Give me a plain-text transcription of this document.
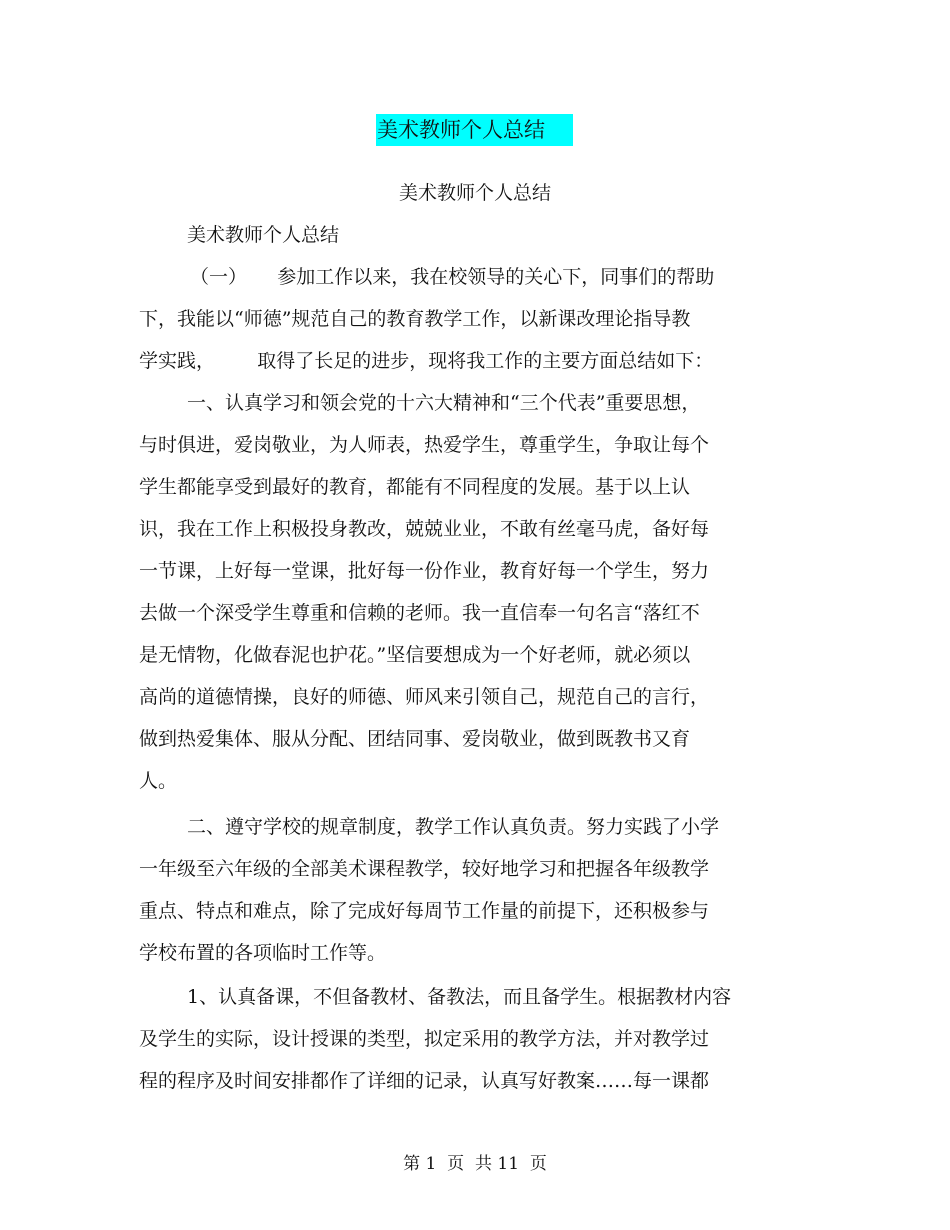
美术教师个人总结
美术教师个人总结
美术教师个人总结
（一）     参加工作以来，我在校领导的关心下，同事们的帮助
下，我能以“师德”规范自己的教育教学工作，以新课改理论指导教
学实践，       取得了长足的进步，现将我工作的主要方面总结如下：
一、认真学习和领会党的十六大精神和“三个代表”重要思想，
与时俱进，爱岗敬业，为人师表，热爱学生，尊重学生，争取让每个
学生都能享受到最好的教育，都能有不同程度的发展。基于以上认
识，我在工作上积极投身教改，兢兢业业，不敢有丝毫马虎，备好每
一节课，上好每一堂课，批好每一份作业，教育好每一个学生，努力
去做一个深受学生尊重和信赖的老师。我一直信奉一句名言“落红不
是无情物，化做春泥也护花。”坚信要想成为一个好老师，就必须以
高尚的道德情操，良好的师德、师风来引领自己，规范自己的言行，
做到热爱集体、服从分配、团结同事、爱岗敬业，做到既教书又育
人。
二、遵守学校的规章制度，教学工作认真负责。努力实践了小学
一年级至六年级的全部美术课程教学，较好地学习和把握各年级教学
重点、特点和难点，除了完成好每周节工作量的前提下，还积极参与
学校布置的各项临时工作等。
1、认真备课，不但备教材、备教法，而且备学生。根据教材内容
及学生的实际，设计授课的类型，拟定采用的教学方法，并对教学过
程的程序及时间安排都作了详细的记录，认真写好教案……每一课都
第 1  页  共 11  页
